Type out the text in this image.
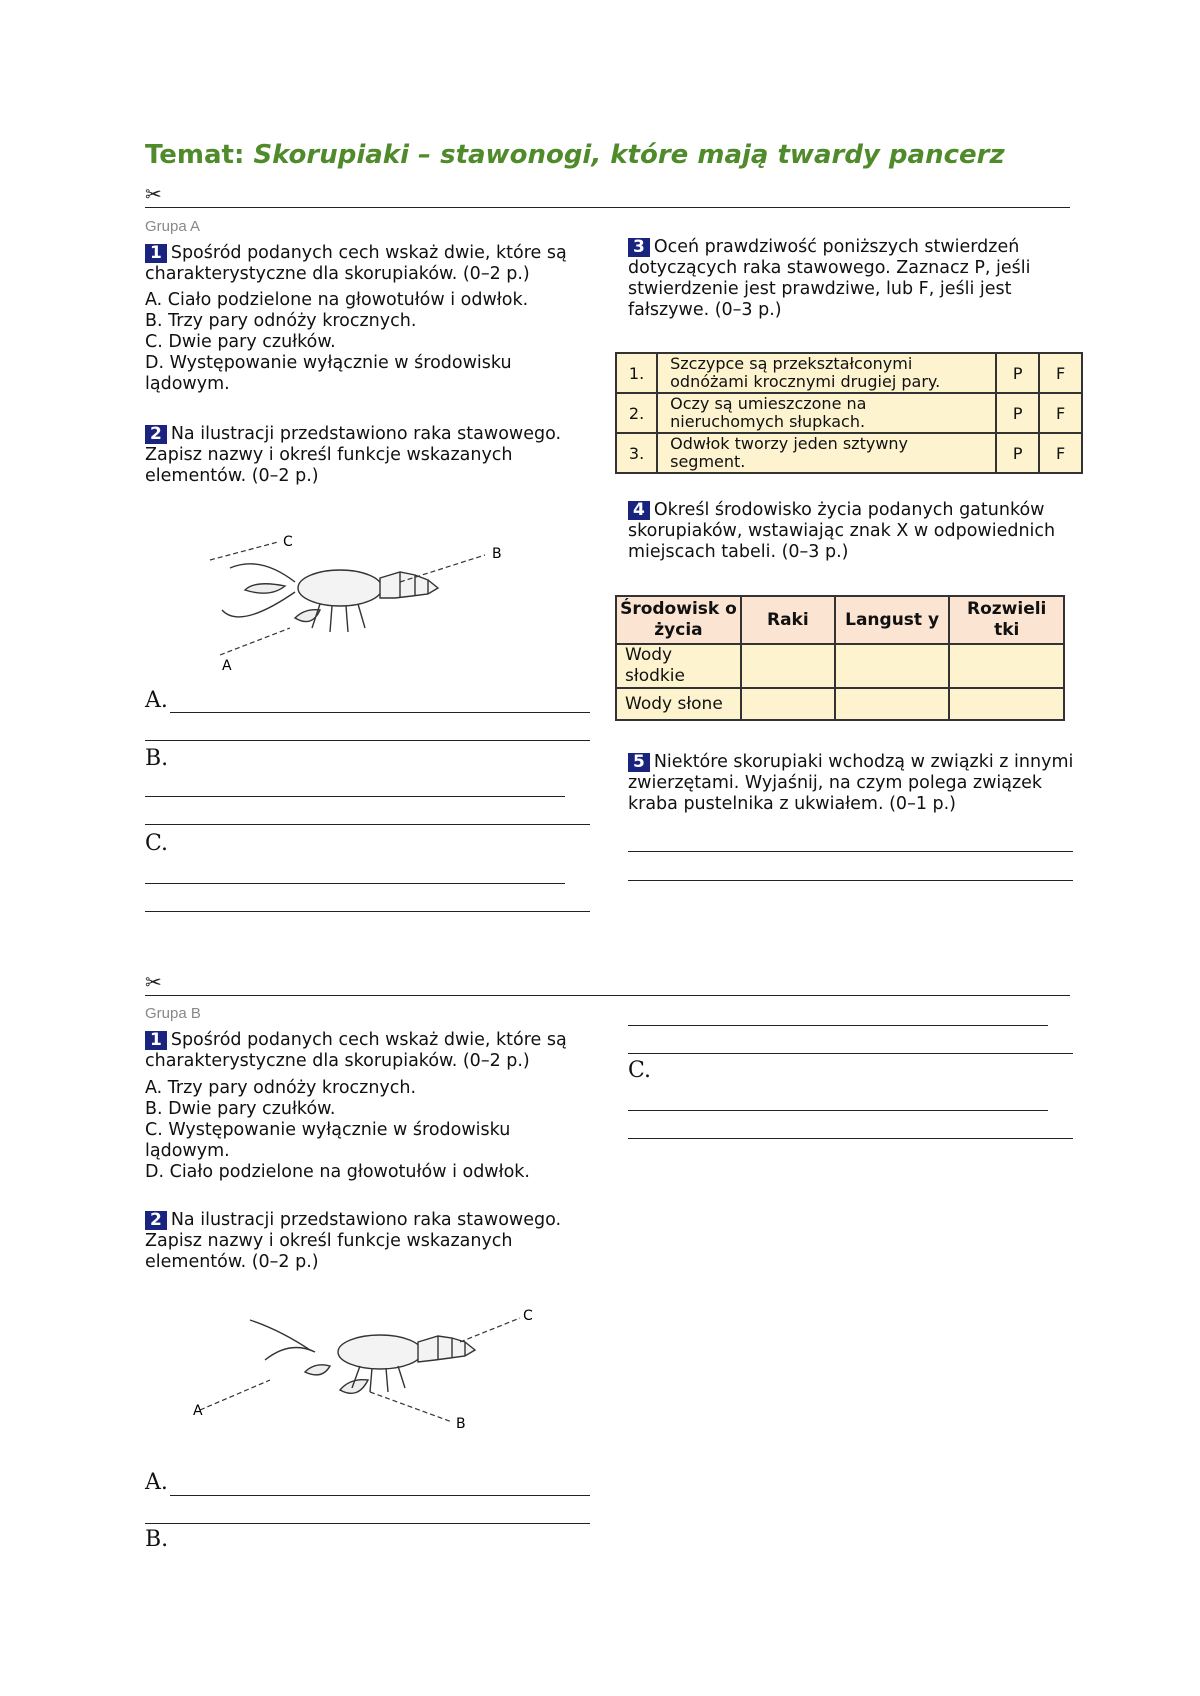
Temat: Skorupiaki – stawonogi, które mają twardy pancerz
✂
Grupa A
1 Spośród podanych cech wskaż dwie, które są charakterystyczne dla skorupiaków. (0–2 p.)
A. Ciało podzielone na głowotułów i odwłok.
B. Trzy pary odnóży krocznych.
C. Dwie pary czułków.
D. Występowanie wyłącznie w środowisku lądowym.
2 Na ilustracji przedstawiono raka stawowego. Zapisz nazwy i określ funkcje wskazanych elementów. (0–2 p.)
C
B
A
A.
B.
C.
3 Oceń prawdziwość poniższych stwierdzeń dotyczących raka stawowego. Zaznacz P, jeśli stwierdzenie jest prawdziwe, lub F, jeśli jest fałszywe. (0–3 p.)
1.	Szczypce są przekształconymi odnóżami krocznymi drugiej pary.	P	F
2.	Oczy są umieszczone na nieruchomych słupkach.	P	F
3.	Odwłok tworzy jeden sztywny segment.	P	F
4 Określ środowisko życia podanych gatunków skorupiaków, wstawiając znak X w odpowiednich miejscach tabeli. (0–3 p.)
Środowisk o życia	Raki	Langust y	Rozwieli tki
Wody słodkie			
Wody słone			
5 Niektóre skorupiaki wchodzą w związki z innymi zwierzętami. Wyjaśnij, na czym polega związek kraba pustelnika z ukwiałem. (0–1 p.)
✂
Grupa B
1 Spośród podanych cech wskaż dwie, które są charakterystyczne dla skorupiaków. (0–2 p.)
A. Trzy pary odnóży krocznych.
B. Dwie pary czułków.
C. Występowanie wyłącznie w środowisku lądowym.
D. Ciało podzielone na głowotułów i odwłok.
2 Na ilustracji przedstawiono raka stawowego. Zapisz nazwy i określ funkcje wskazanych elementów. (0–2 p.)
C
A
B
A.
B.
C.
